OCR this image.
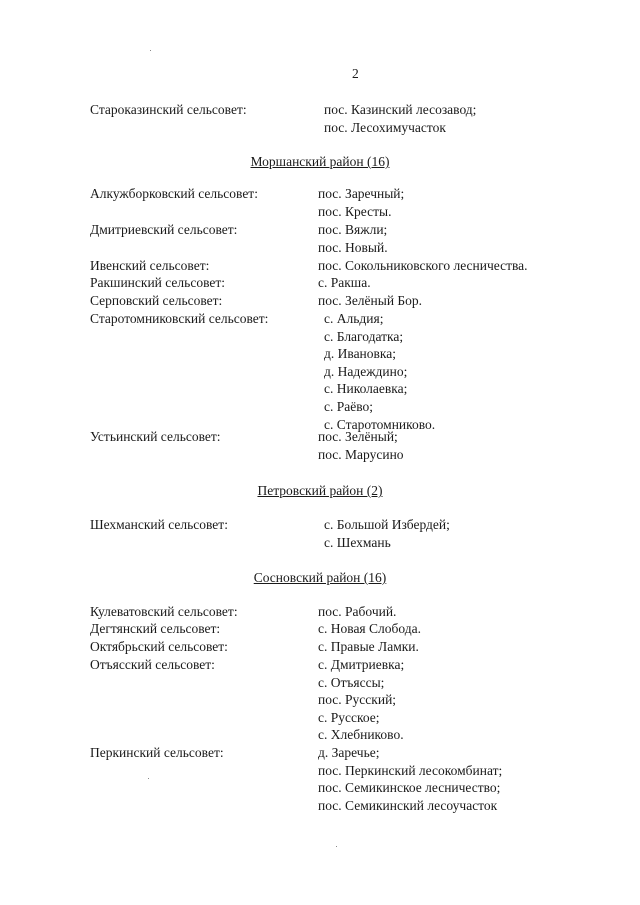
2
Староказинский сельсовет:	пос. Казинский лесозавод;
пос. Лесохимучасток
Моршанский район (16)
Алкужборковский сельсовет:	пос. Заречный;
пос. Кресты.
Дмитриевский сельсовет:	пос. Вяжли;
пос. Новый.
Ивенский сельсовет:	пос. Сокольниковского лесничества.
Ракшинский сельсовет:	с. Ракша.
Серповский сельсовет:	пос. Зелёный Бор.
Старотомниковский сельсовет:	с. Альдия;
с. Благодатка;
д. Ивановка;
д. Надеждино;
с. Николаевка;
с. Раёво;
с. Старотомниково.
Устьинский сельсовет:	пос. Зелёный;
пос. Марусино
Петровский район (2)
Шехманский сельсовет:	с. Большой Избердей;
с. Шехмань
Сосновский район (16)
Кулеватовский сельсовет:	пос. Рабочий.
Дегтянский сельсовет:	с. Новая Слобода.
Октябрьский сельсовет:	с. Правые Ламки.
Отъясский сельсовет:	с. Дмитриевка;
с. Отъяссы;
пос. Русский;
с. Русское;
с. Хлебниково.
Перкинский сельсовет:	д. Заречье;
пос. Перкинский лесокомбинат;
пос. Семикинское лесничество;
пос. Семикинский лесоучасток
